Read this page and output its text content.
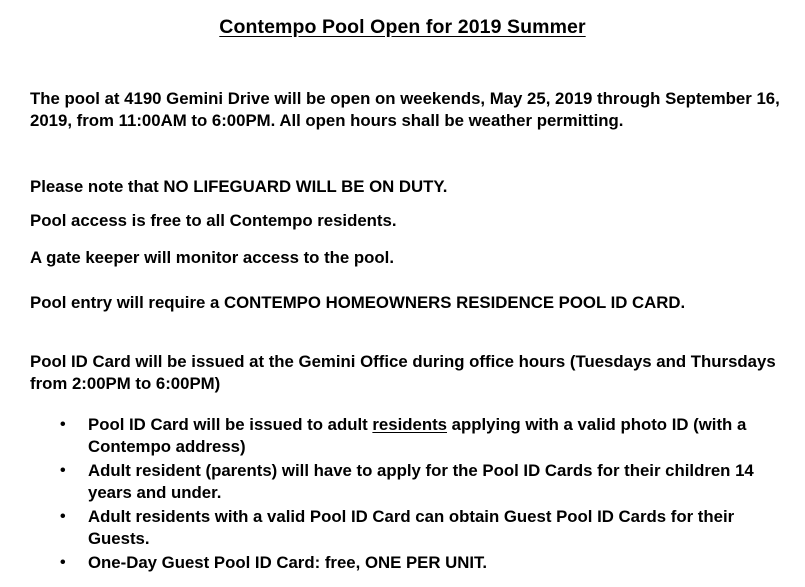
Contempo Pool Open for 2019 Summer

The pool at 4190 Gemini Drive will be open on weekends, May 25, 2019 through September 16, 2019, from 11:00AM to 6:00PM. All open hours shall be weather permitting.

Please note that NO LIFEGUARD WILL BE ON DUTY.

Pool access is free to all Contempo residents.

A gate keeper will monitor access to the pool.

Pool entry will require a CONTEMPO HOMEOWNERS RESIDENCE POOL ID CARD.

Pool ID Card will be issued at the Gemini Office during office hours (Tuesdays and Thursdays from 2:00PM to 6:00PM)

• Pool ID Card will be issued to adult residents applying with a valid photo ID (with a Contempo address)
• Adult resident (parents) will have to apply for the Pool ID Cards for their children 14 years and under.
• Adult residents with a valid Pool ID Card can obtain Guest Pool ID Cards for their Guests.
• One-Day Guest Pool ID Card: free, ONE PER UNIT.
